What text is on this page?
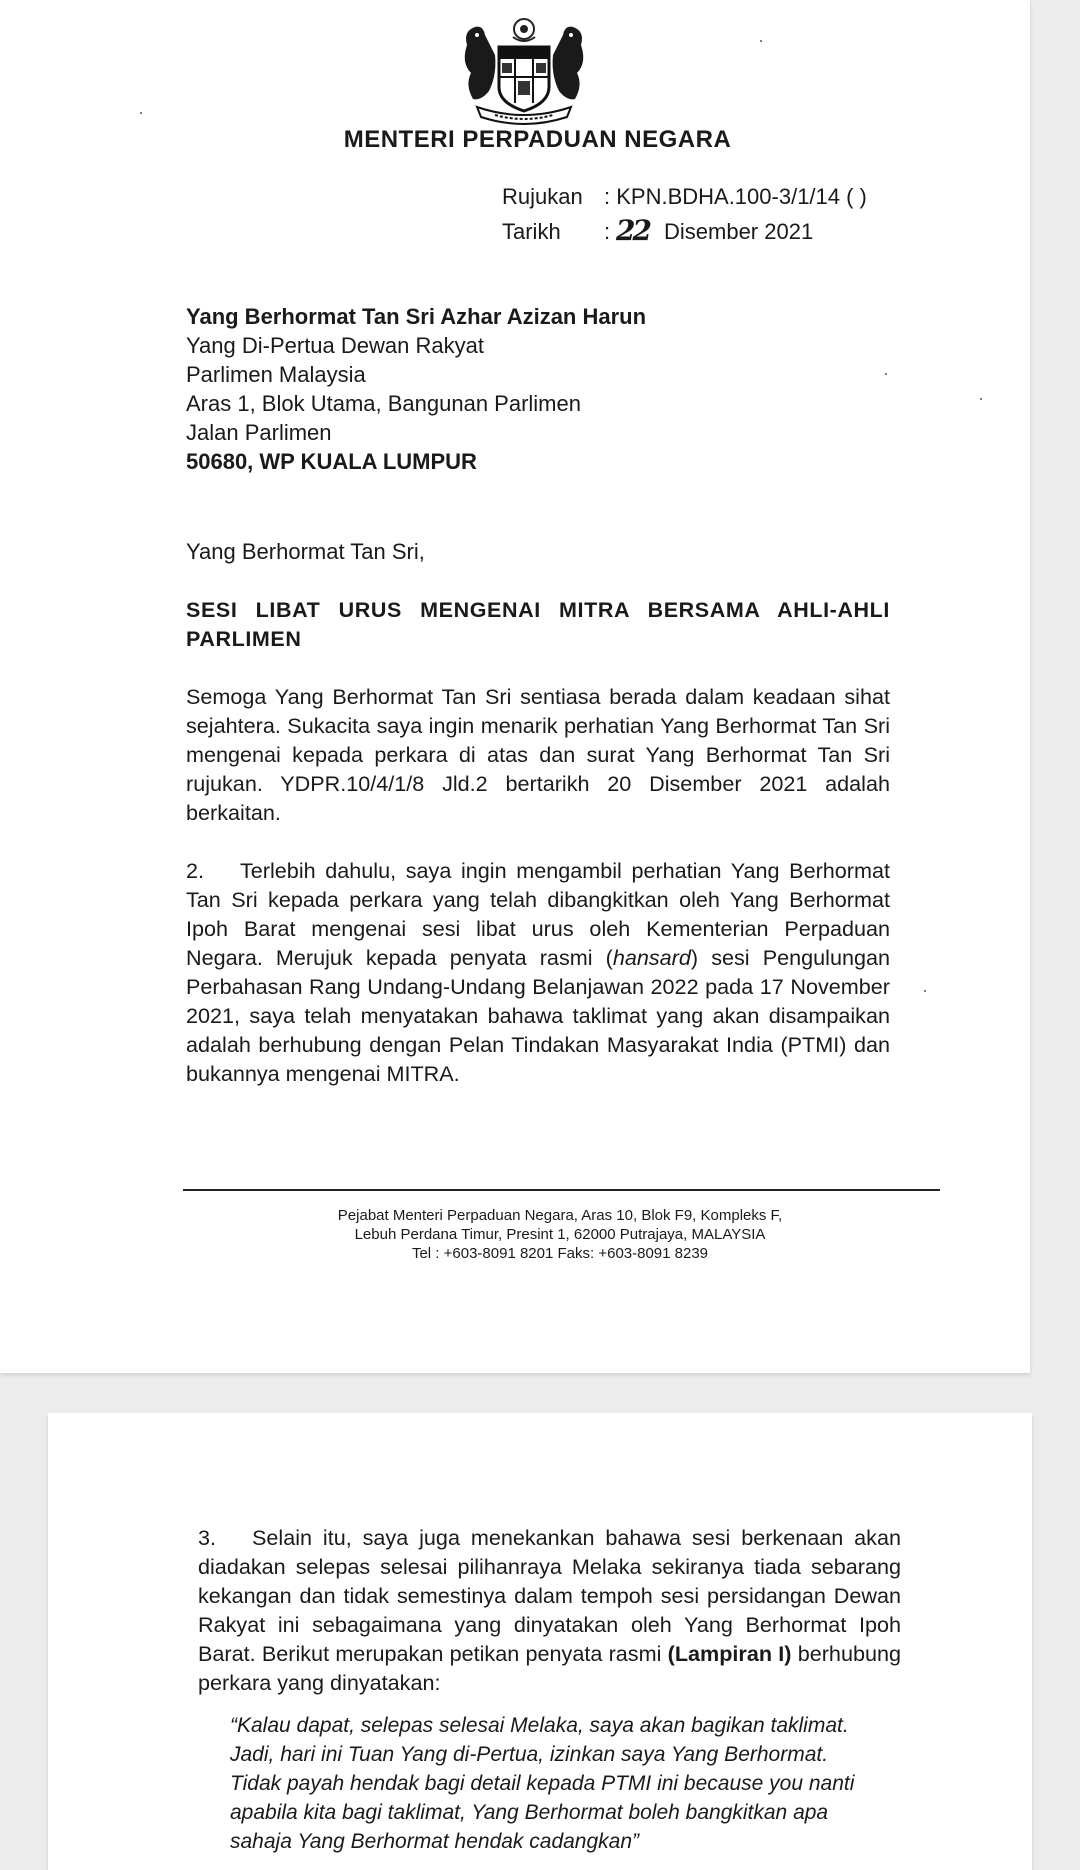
MENTERI PERPADUAN NEGARA
Rujukan : KPN.BDHA.100-3/1/14 ( )
Tarikh : 22 Disember 2021
Yang Berhormat Tan Sri Azhar Azizan Harun
Yang Di-Pertua Dewan Rakyat
Parlimen Malaysia
Aras 1, Blok Utama, Bangunan Parlimen
Jalan Parlimen
50680, WP KUALA LUMPUR
Yang Berhormat Tan Sri,
SESI LIBAT URUS MENGENAI MITRA BERSAMA AHLI-AHLI PARLIMEN
Semoga Yang Berhormat Tan Sri sentiasa berada dalam keadaan sihat sejahtera. Sukacita saya ingin menarik perhatian Yang Berhormat Tan Sri mengenai kepada perkara di atas dan surat Yang Berhormat Tan Sri rujukan. YDPR.10/4/1/8 Jld.2 bertarikh 20 Disember 2021 adalah berkaitan.
2. Terlebih dahulu, saya ingin mengambil perhatian Yang Berhormat Tan Sri kepada perkara yang telah dibangkitkan oleh Yang Berhormat Ipoh Barat mengenai sesi libat urus oleh Kementerian Perpaduan Negara. Merujuk kepada penyata rasmi (hansard) sesi Pengulungan Perbahasan Rang Undang-Undang Belanjawan 2022 pada 17 November 2021, saya telah menyatakan bahawa taklimat yang akan disampaikan adalah berhubung dengan Pelan Tindakan Masyarakat India (PTMI) dan bukannya mengenai MITRA.
Pejabat Menteri Perpaduan Negara, Aras 10, Blok F9, Kompleks F,
Lebuh Perdana Timur, Presint 1, 62000 Putrajaya, MALAYSIA
Tel : +603-8091 8201 Faks: +603-8091 8239
3. Selain itu, saya juga menekankan bahawa sesi berkenaan akan diadakan selepas selesai pilihanraya Melaka sekiranya tiada sebarang kekangan dan tidak semestinya dalam tempoh sesi persidangan Dewan Rakyat ini sebagaimana yang dinyatakan oleh Yang Berhormat Ipoh Barat. Berikut merupakan petikan penyata rasmi (Lampiran I) berhubung perkara yang dinyatakan:
“Kalau dapat, selepas selesai Melaka, saya akan bagikan taklimat.
Jadi, hari ini Tuan Yang di-Pertua, izinkan saya Yang Berhormat.
Tidak payah hendak bagi detail kepada PTMI ini because you nanti
apabila kita bagi taklimat, Yang Berhormat boleh bangkitkan apa
sahaja Yang Berhormat hendak cadangkan”
